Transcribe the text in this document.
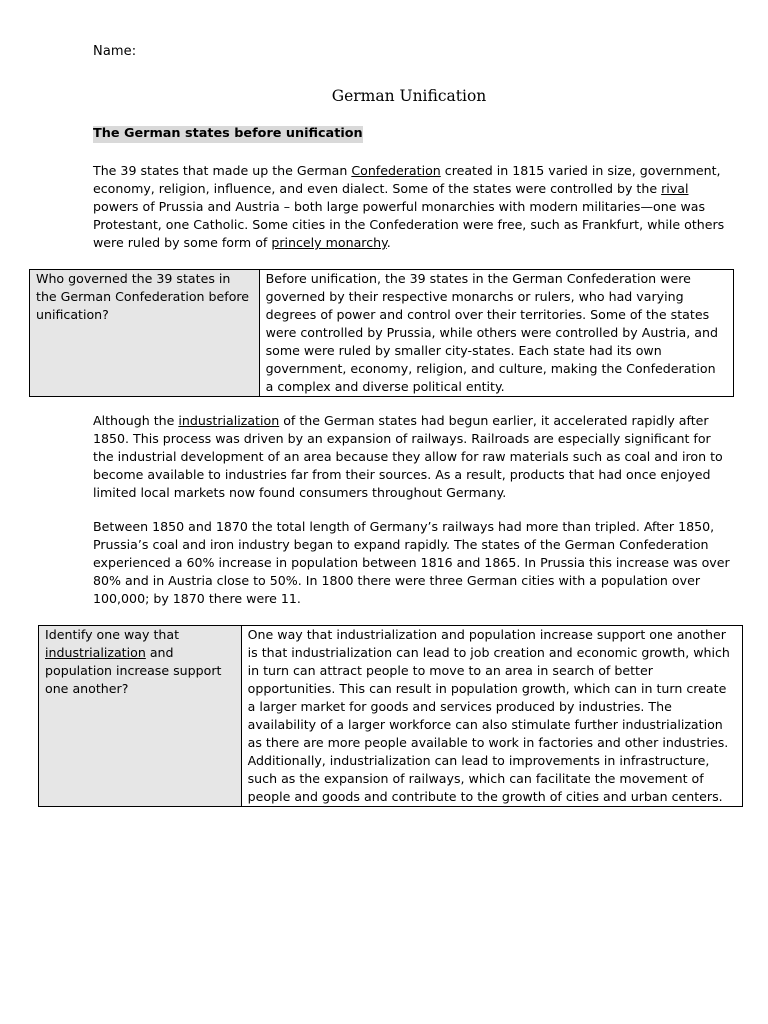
Name:
German Unification
The German states before unification

The 39 states that made up the German Confederation created in 1815 varied in size, government, economy, religion, influence, and even dialect. Some of the states were controlled by the rival powers of Prussia and Austria – both large powerful monarchies with modern militaries—one was Protestant, one Catholic. Some cities in the Confederation were free, such as Frankfurt, while others were ruled by some form of princely monarchy.

Who governed the 39 states in the German Confederation before unification?	Before unification, the 39 states in the German Confederation were governed by their respective monarchs or rulers, who had varying degrees of power and control over their territories. Some of the states were controlled by Prussia, while others were controlled by Austria, and some were ruled by smaller city-states. Each state had its own government, economy, religion, and culture, making the Confederation a complex and diverse political entity.

Although the industrialization of the German states had begun earlier, it accelerated rapidly after 1850. This process was driven by an expansion of railways. Railroads are especially significant for the industrial development of an area because they allow for raw materials such as coal and iron to become available to industries far from their sources. As a result, products that had once enjoyed limited local markets now found consumers throughout Germany.

Between 1850 and 1870 the total length of Germany’s railways had more than tripled. After 1850, Prussia’s coal and iron industry began to expand rapidly. The states of the German Confederation experienced a 60% increase in population between 1816 and 1865. In Prussia this increase was over 80% and in Austria close to 50%. In 1800 there were three German cities with a population over 100,000; by 1870 there were 11.

Identify one way that industrialization and population increase support one another?	One way that industrialization and population increase support one another is that industrialization can lead to job creation and economic growth, which in turn can attract people to move to an area in search of better opportunities. This can result in population growth, which can in turn create a larger market for goods and services produced by industries. The availability of a larger workforce can also stimulate further industrialization as there are more people available to work in factories and other industries. Additionally, industrialization can lead to improvements in infrastructure, such as the expansion of railways, which can facilitate the movement of people and goods and contribute to the growth of cities and urban centers.
